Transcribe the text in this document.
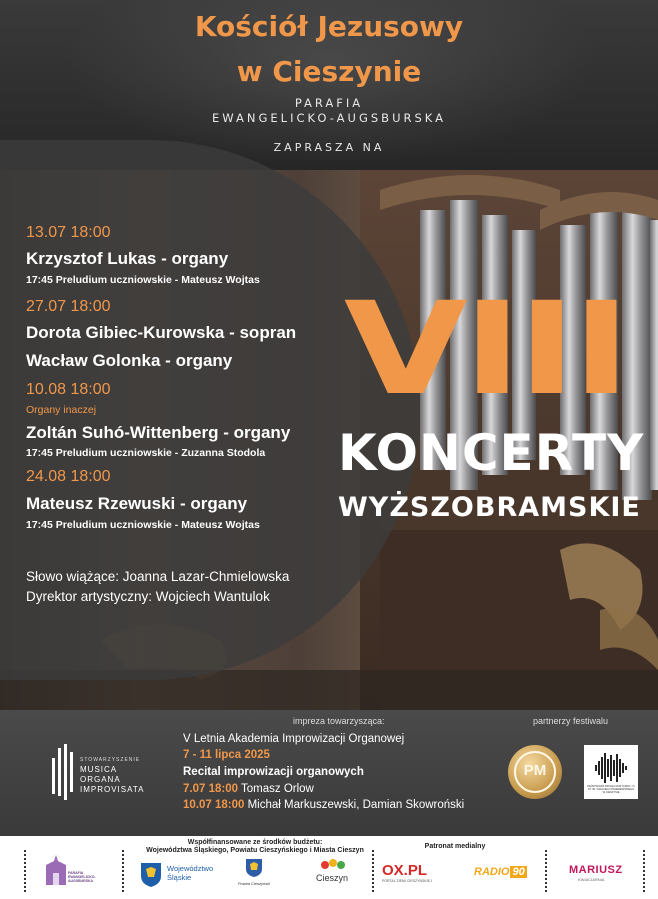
Kościół Jezusowy
w Cieszynie
PARAFIA
EWANGELICKO-AUGSBURSKA
ZAPRASZA NA
13.07 18:00
Krzysztof Lukas - organy
17:45 Preludium uczniowskie - Mateusz Wojtas
27.07 18:00
Dorota Gibiec-Kurowska - sopran
Wacław Golonka - organy
10.08 18:00
Organy inaczej
Zoltán Suhó-Wittenberg - organy
17:45 Preludium uczniowskie - Zuzanna Stodola
24.08 18:00
Mateusz Rzewuski - organy
17:45 Preludium uczniowskie - Mateusz Wojtas
Słowo wiążące: Joanna Lazar-Chmielowska
Dyrektor artystyczny: Wojciech Wantulok
VIII
KONCERTY
WYŻSZOBRAMSKIE
impreza towarzysząca:	partnerzy festiwalu
V Letnia Akademia Improwizacji Organowej
7 - 11 lipca 2025
Recital improwizacji organowych
7.07 18:00 Tomasz Orlow
10.07 18:00 Michał Markuszewski, Damian Skowroński
STOWARZYSZENIE
MUSICA
ORGANA
IMPROVISATA
PM
PAŃSTWOWA SZKOŁA MUZYCZNA I i II ST. IM. IGNACEGO PADEREWSKIEGO W CIESZYNIE
Współfinansowane ze środków budżetu:
Województwa Śląskiego, Powiatu Cieszyńskiego i Miasta Cieszyn
Patronat medialny
PARAFIA EWANGELICKO-AUGSBURSKA
Województwo
Śląskie
Powiat Cieszyński
Cieszyn OX.PL
PORTAL ZIEMI CIESZYŃSKIEJ
RADIO 90	MARIUSZ
KWIACIARNIA
